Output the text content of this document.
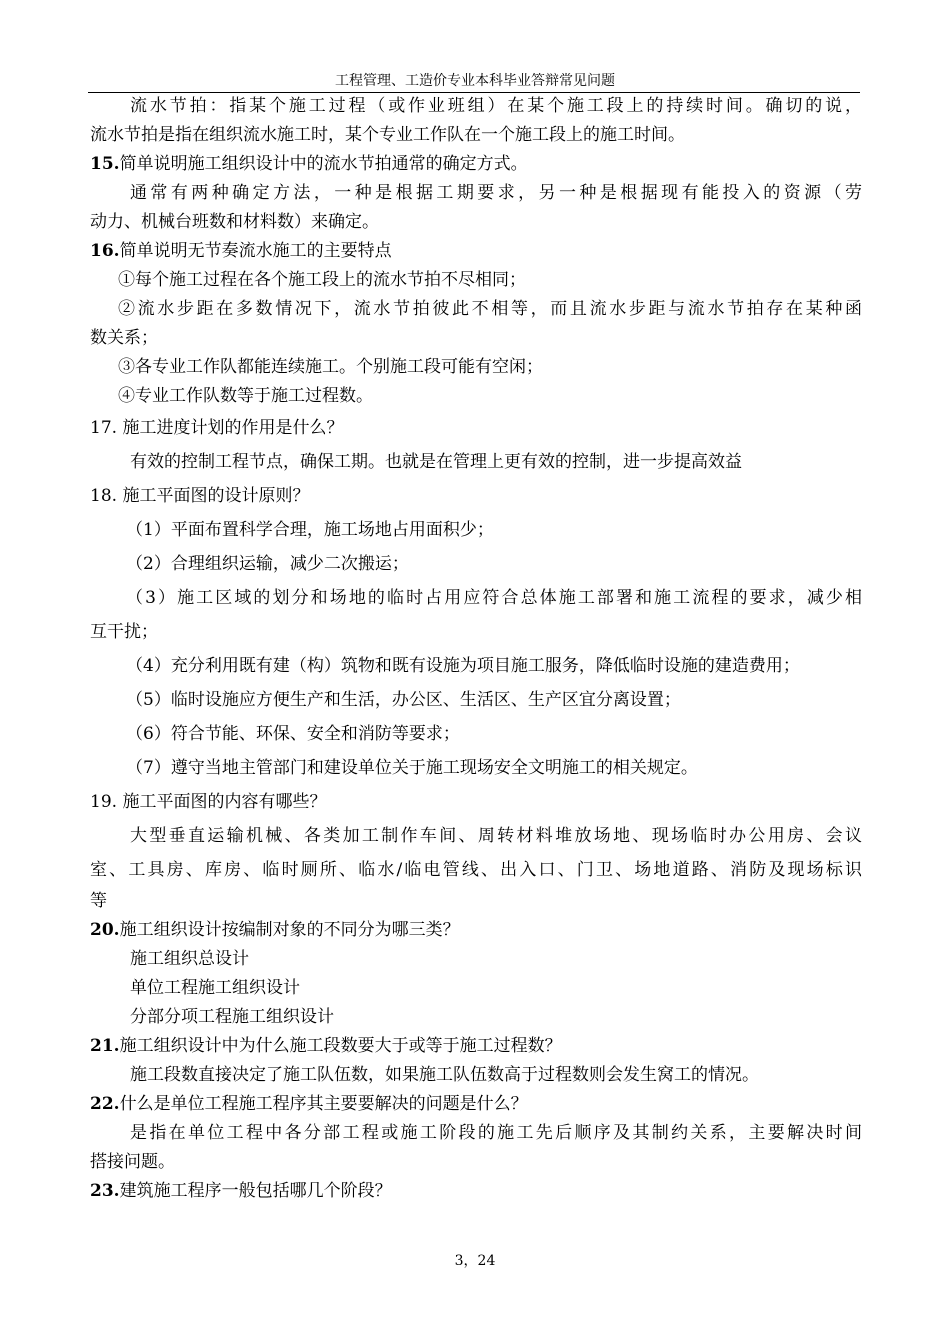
工程管理、工造价专业本科毕业答辩常见问题
流水节拍：指某个施工过程（或作业班组）在某个施工段上的持续时间。确切的说，
流水节拍是指在组织流水施工时，某个专业工作队在一个施工段上的施工时间。
15.简单说明施工组织设计中的流水节拍通常的确定方式。
通常有两种确定方法，一种是根据工期要求，另一种是根据现有能投入的资源（劳
动力、机械台班数和材料数）来确定。
16.简单说明无节奏流水施工的主要特点
①每个施工过程在各个施工段上的流水节拍不尽相同；
②流水步距在多数情况下，流水节拍彼此不相等，而且流水步距与流水节拍存在某种函
数关系；
③各专业工作队都能连续施工。个别施工段可能有空闲；
④专业工作队数等于施工过程数。
17. 施工进度计划的作用是什么？
有效的控制工程节点，确保工期。也就是在管理上更有效的控制，进一步提高效益
18. 施工平面图的设计原则？
（1）平面布置科学合理，施工场地占用面积少；
（2）合理组织运输，减少二次搬运；
（3）施工区域的划分和场地的临时占用应符合总体施工部署和施工流程的要求，减少相
互干扰；
（4）充分利用既有建（构）筑物和既有设施为项目施工服务，降低临时设施的建造费用；
（5）临时设施应方便生产和生活，办公区、生活区、生产区宜分离设置；
（6）符合节能、环保、安全和消防等要求；
（7）遵守当地主管部门和建设单位关于施工现场安全文明施工的相关规定。
19. 施工平面图的内容有哪些？
大型垂直运输机械、各类加工制作车间、周转材料堆放场地、现场临时办公用房、会议
室、工具房、库房、临时厕所、临水/临电管线、出入口、门卫、场地道路、消防及现场标识
等
20.施工组织设计按编制对象的不同分为哪三类？
施工组织总设计
单位工程施工组织设计
分部分项工程施工组织设计
21.施工组织设计中为什么施工段数要大于或等于施工过程数？
施工段数直接决定了施工队伍数，如果施工队伍数高于过程数则会发生窝工的情况。
22.什么是单位工程施工程序其主要要解决的问题是什么？
是指在单位工程中各分部工程或施工阶段的施工先后顺序及其制约关系，主要解决时间
搭接问题。
23.建筑施工程序一般包括哪几个阶段？
3，24
